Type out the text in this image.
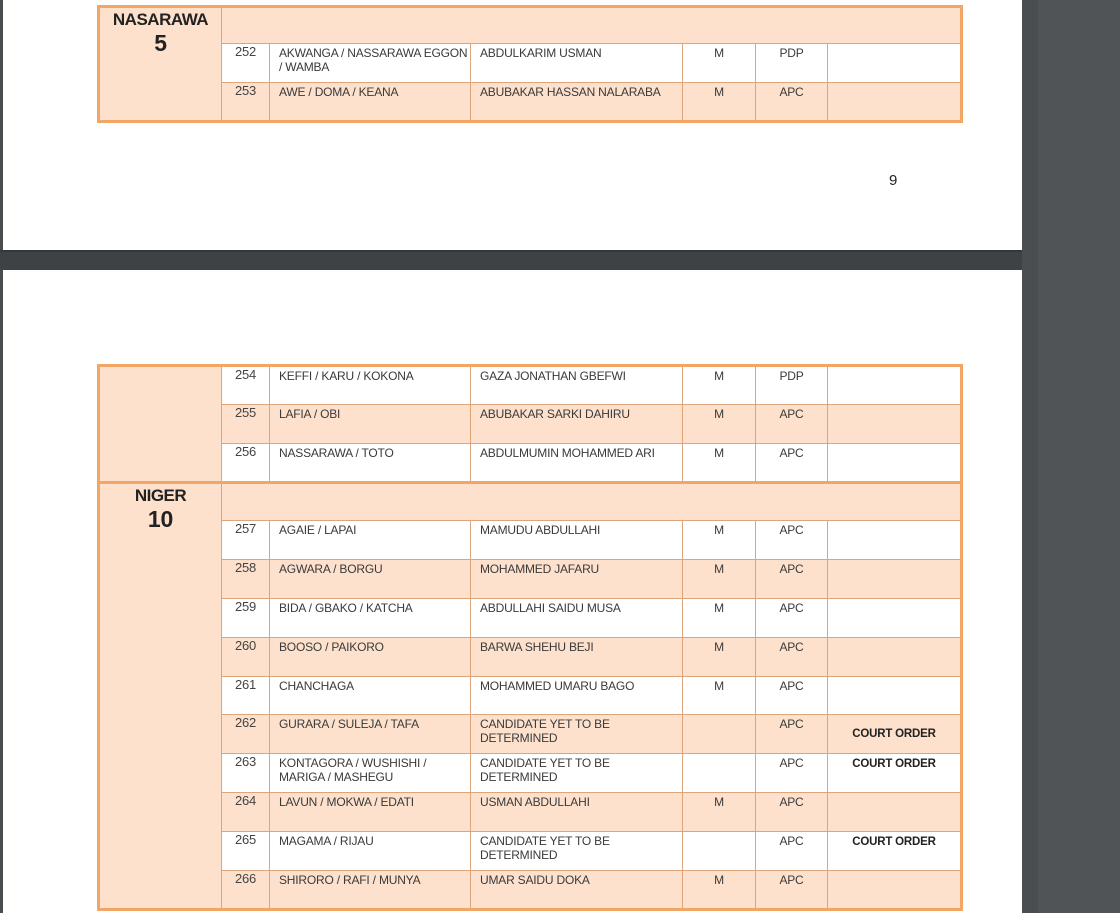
NASARAWA
5						

	252	AKWANGA / NASSARAWA EGGON / WAMBA	ABDULKARIM USMAN	M	PDP	
	253	AWE / DOMA / KEANA	ABUBAKAR HASSAN NALARABA	M	APC	
9
	254	KEFFI / KARU / KOKONA	GAZA JONATHAN GBEFWI	M	PDP	
	255	LAFIA / OBI	ABUBAKAR SARKI DAHIRU	M	APC	
	256	NASSARAWA / TOTO	ABDULMUMIN MOHAMMED ARI	M	APC	

NIGER
10						

	257	AGAIE / LAPAI	MAMUDU ABDULLAHI	M	APC	
	258	AGWARA / BORGU	MOHAMMED JAFARU	M	APC	
	259	BIDA / GBAKO / KATCHA	ABDULLAHI SAIDU MUSA	M	APC	
	260	BOOSO / PAIKORO	BARWA SHEHU BEJI	M	APC	
	261	CHANCHAGA	MOHAMMED UMARU BAGO	M	APC	
	262	GURARA / SULEJA / TAFA	CANDIDATE YET TO BE DETERMINED		APC	COURT ORDER
	263	KONTAGORA / WUSHISHI / MARIGA / MASHEGU	CANDIDATE YET TO BE DETERMINED		APC	COURT ORDER
	264	LAVUN / MOKWA / EDATI	USMAN ABDULLAHI	M	APC	
	265	MAGAMA / RIJAU	CANDIDATE YET TO BE DETERMINED		APC	COURT ORDER
	266	SHIRORO / RAFI / MUNYA	UMAR SAIDU DOKA	M	APC	
